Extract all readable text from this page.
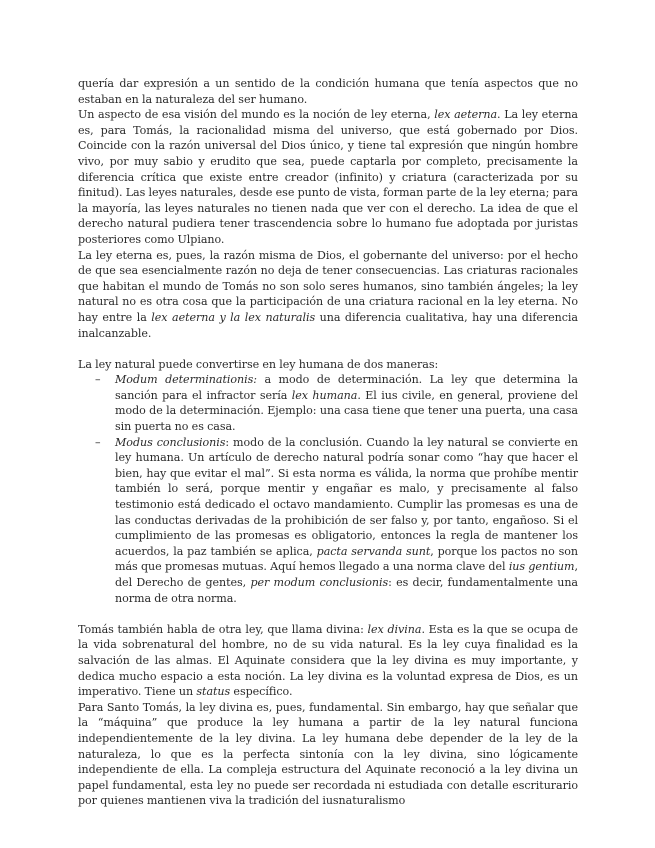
quería dar expresión a un sentido de la condición humana que tenía aspectos que no estaban en la naturaleza del ser humano.

Un aspecto de esa visión del mundo es la noción de ley eterna, lex aeterna. La ley eterna es, para Tomás, la racionalidad misma del universo, que está gobernado por Dios. Coincide con la razón universal del Dios único, y tiene tal expresión que ningún hombre vivo, por muy sabio y erudito que sea, puede captarla por completo, precisamente la diferencia crítica que existe entre creador (infinito) y criatura (caracterizada por su finitud). Las leyes naturales, desde ese punto de vista, forman parte de la ley eterna; para la mayoría, las leyes naturales no tienen nada que ver con el derecho. La idea de que el derecho natural pudiera tener trascendencia sobre lo humano fue adoptada por juristas posteriores como Ulpiano.

La ley eterna es, pues, la razón misma de Dios, el gobernante del universo: por el hecho de que sea esencialmente razón no deja de tener consecuencias. Las criaturas racionales que habitan el mundo de Tomás no son solo seres humanos, sino también ángeles; la ley natural no es otra cosa que la participación de una criatura racional en la ley eterna. No hay entre la lex aeterna y la lex naturalis una diferencia cualitativa, hay una diferencia inalcanzable.

La ley natural puede convertirse en ley humana de dos maneras:

– Modum determinationis: a modo de determinación. La ley que determina la sanción para el infractor sería lex humana. El ius civile, en general, proviene del modo de la determinación. Ejemplo: una casa tiene que tener una puerta, una casa sin puerta no es casa.
– Modus conclusionis: modo de la conclusión. Cuando la ley natural se convierte en ley humana. Un artículo de derecho natural podría sonar como “hay que hacer el bien, hay que evitar el mal”. Si esta norma es válida, la norma que prohíbe mentir también lo será, porque mentir y engañar es malo, y precisamente al falso testimonio está dedicado el octavo mandamiento. Cumplir las promesas es una de las conductas derivadas de la prohibición de ser falso y, por tanto, engañoso. Si el cumplimiento de las promesas es obligatorio, entonces la regla de mantener los acuerdos, la paz también se aplica, pacta servanda sunt, porque los pactos no son más que promesas mutuas. Aquí hemos llegado a una norma clave del ius gentium, del Derecho de gentes, per modum conclusionis: es decir, fundamentalmente una norma de otra norma.

Tomás también habla de otra ley, que llama divina: lex divina. Esta es la que se ocupa de la vida sobrenatural del hombre, no de su vida natural. Es la ley cuya finalidad es la salvación de las almas. El Aquinate considera que la ley divina es muy importante, y dedica mucho espacio a esta noción. La ley divina es la voluntad expresa de Dios, es un imperativo. Tiene un status específico.

Para Santo Tomás, la ley divina es, pues, fundamental. Sin embargo, hay que señalar que la “máquina” que produce la ley humana a partir de la ley natural funciona independientemente de la ley divina. La ley humana debe depender de la ley de la naturaleza, lo que es la perfecta sintonía con la ley divina, sino lógicamente independiente de ella. La compleja estructura del Aquinate reconoció a la ley divina un papel fundamental, esta ley no puede ser recordada ni estudiada con detalle escriturario por quienes mantienen viva la tradición del iusnaturalismo
